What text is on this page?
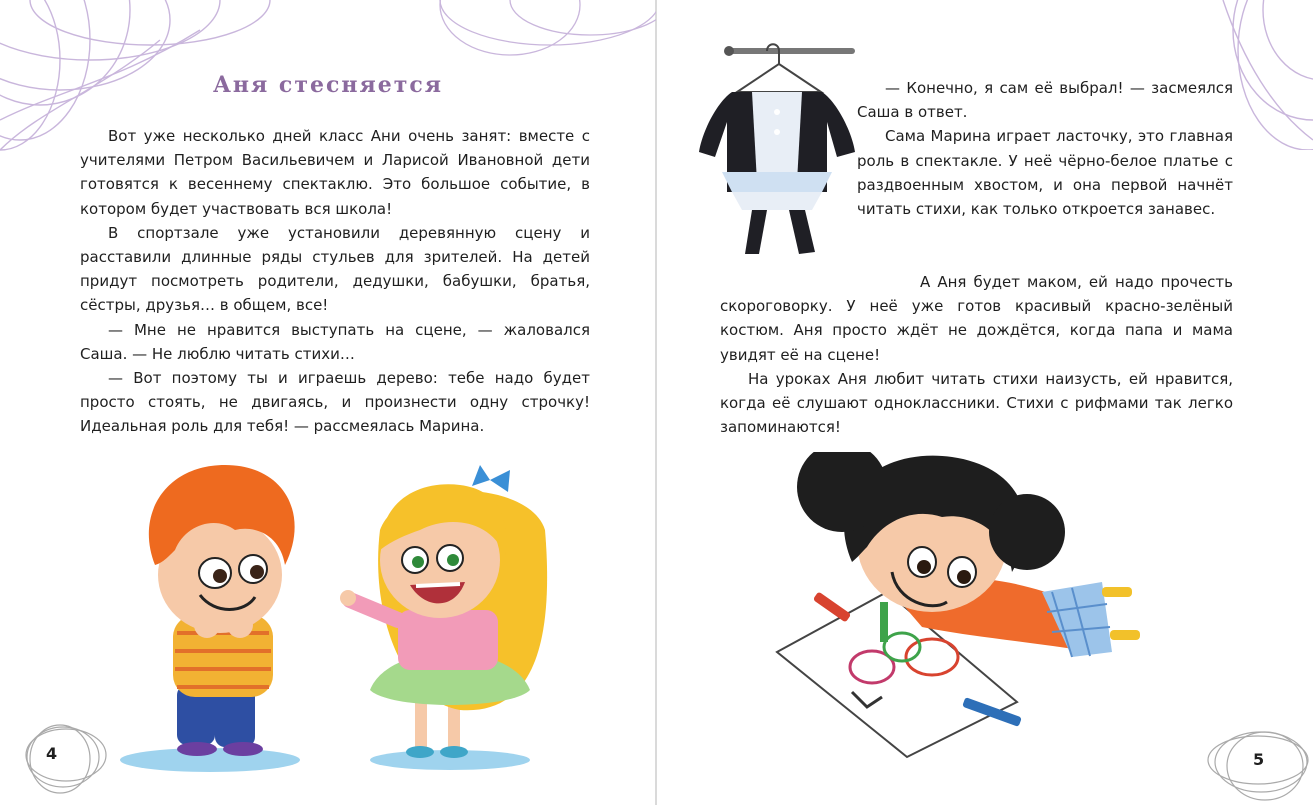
Аня стесняется

Вот уже несколько дней класс Ани очень занят: вместе с учителями Петром Васильевичем и Ларисой Ивановной дети готовятся к весеннему спектаклю. Это большое событие, в котором будет участвовать вся школа!

В спортзале уже установили деревянную сцену и расставили длинные ряды стульев для зрителей. На детей придут посмотреть родители, дедушки, бабушки, братья, сёстры, друзья… в общем, все!

— Мне не нравится выступать на сцене, — жаловался Саша. — Не люблю читать стихи…

— Вот поэтому ты и играешь дерево: тебе надо будет просто стоять, не двигаясь, и произнести одну строчку! Идеальная роль для тебя! — рассмеялась Марина.

4

— Конечно, я сам её выбрал! — засмеялся Саша в ответ.

Сама Марина играет ласточку, это главная роль в спектакле. У неё чёрно-белое платье с раздвоенным хвостом, и она первой начнёт читать стихи, как только откроется занавес.

А Аня будет маком, ей надо прочесть скороговорку. У неё уже готов красивый красно-зелёный костюм. Аня просто ждёт не дождётся, когда папа и мама увидят её на сцене!

На уроках Аня любит читать стихи наизусть, ей нравится, когда её слушают одноклассники. Стихи с рифмами так легко запоминаются!

5
